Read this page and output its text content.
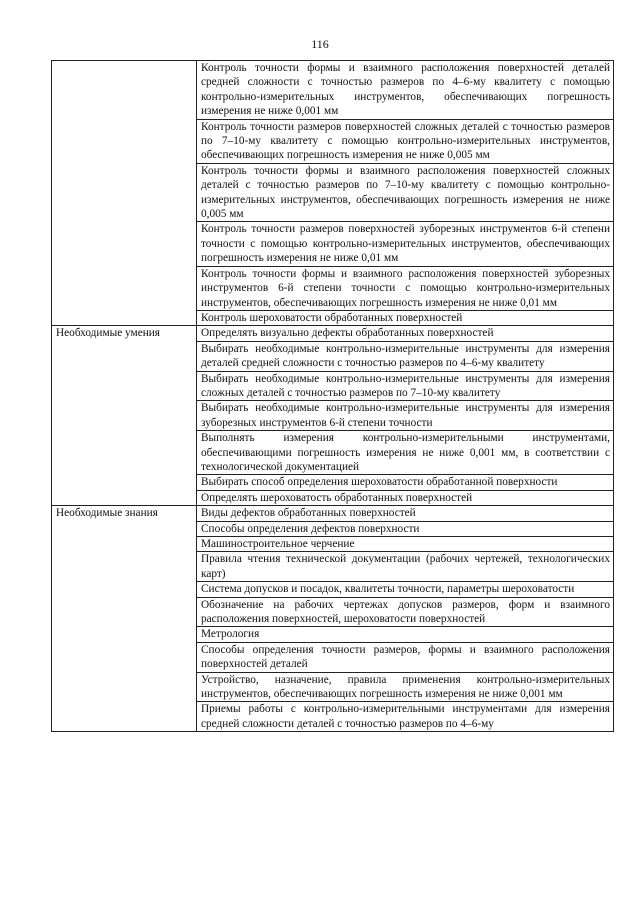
116
	Контроль точности формы и взаимного расположения поверхностей деталей средней сложности с точностью размеров по 4–6-му квалитету с помощью контрольно-измерительных инструментов, обеспечивающих погрешность измерения не ниже 0,001 мм
	Контроль точности размеров поверхностей сложных деталей с точностью размеров по 7–10-му квалитету с помощью контрольно-измерительных инструментов, обеспечивающих погрешность измерения не ниже 0,005 мм
	Контроль точности формы и взаимного расположения поверхностей сложных деталей с точностью размеров по 7–10-му квалитету с помощью контрольно-измерительных инструментов, обеспечивающих погрешность измерения не ниже 0,005 мм
	Контроль точности размеров поверхностей зуборезных инструментов 6-й степени точности с помощью контрольно-измерительных инструментов, обеспечивающих погрешность измерения не ниже 0,01 мм
	Контроль точности формы и взаимного расположения поверхностей зуборезных инструментов 6-й степени точности с помощью контрольно-измерительных инструментов, обеспечивающих погрешность измерения не ниже 0,01 мм
	Контроль шероховатости обработанных поверхностей
Необходимые умения	Определять визуально дефекты обработанных поверхностей
	Выбирать необходимые контрольно-измерительные инструменты для измерения деталей средней сложности с точностью размеров по 4–6-му квалитету
	Выбирать необходимые контрольно-измерительные инструменты для измерения сложных деталей с точностью размеров по 7–10-му квалитету
	Выбирать необходимые контрольно-измерительные инструменты для измерения зуборезных инструментов 6-й степени точности
	Выполнять измерения контрольно-измерительными инструментами, обеспечивающими погрешность измерения не ниже 0,001 мм, в соответствии с технологической документацией
	Выбирать способ определения шероховатости обработанной поверхности
	Определять шероховатость обработанных поверхностей
Необходимые знания	Виды дефектов обработанных поверхностей
	Способы определения дефектов поверхности
	Машиностроительное черчение
	Правила чтения технической документации (рабочих чертежей, технологических карт)
	Система допусков и посадок, квалитеты точности, параметры шероховатости
	Обозначение на рабочих чертежах допусков размеров, форм и взаимного расположения поверхностей, шероховатости поверхностей
	Метрология
	Способы определения точности размеров, формы и взаимного расположения поверхностей деталей
	Устройство, назначение, правила применения контрольно-измерительных инструментов, обеспечивающих погрешность измерения не ниже 0,001 мм
	Приемы работы с контрольно-измерительными инструментами для измерения средней сложности деталей с точностью размеров по 4–6-му
